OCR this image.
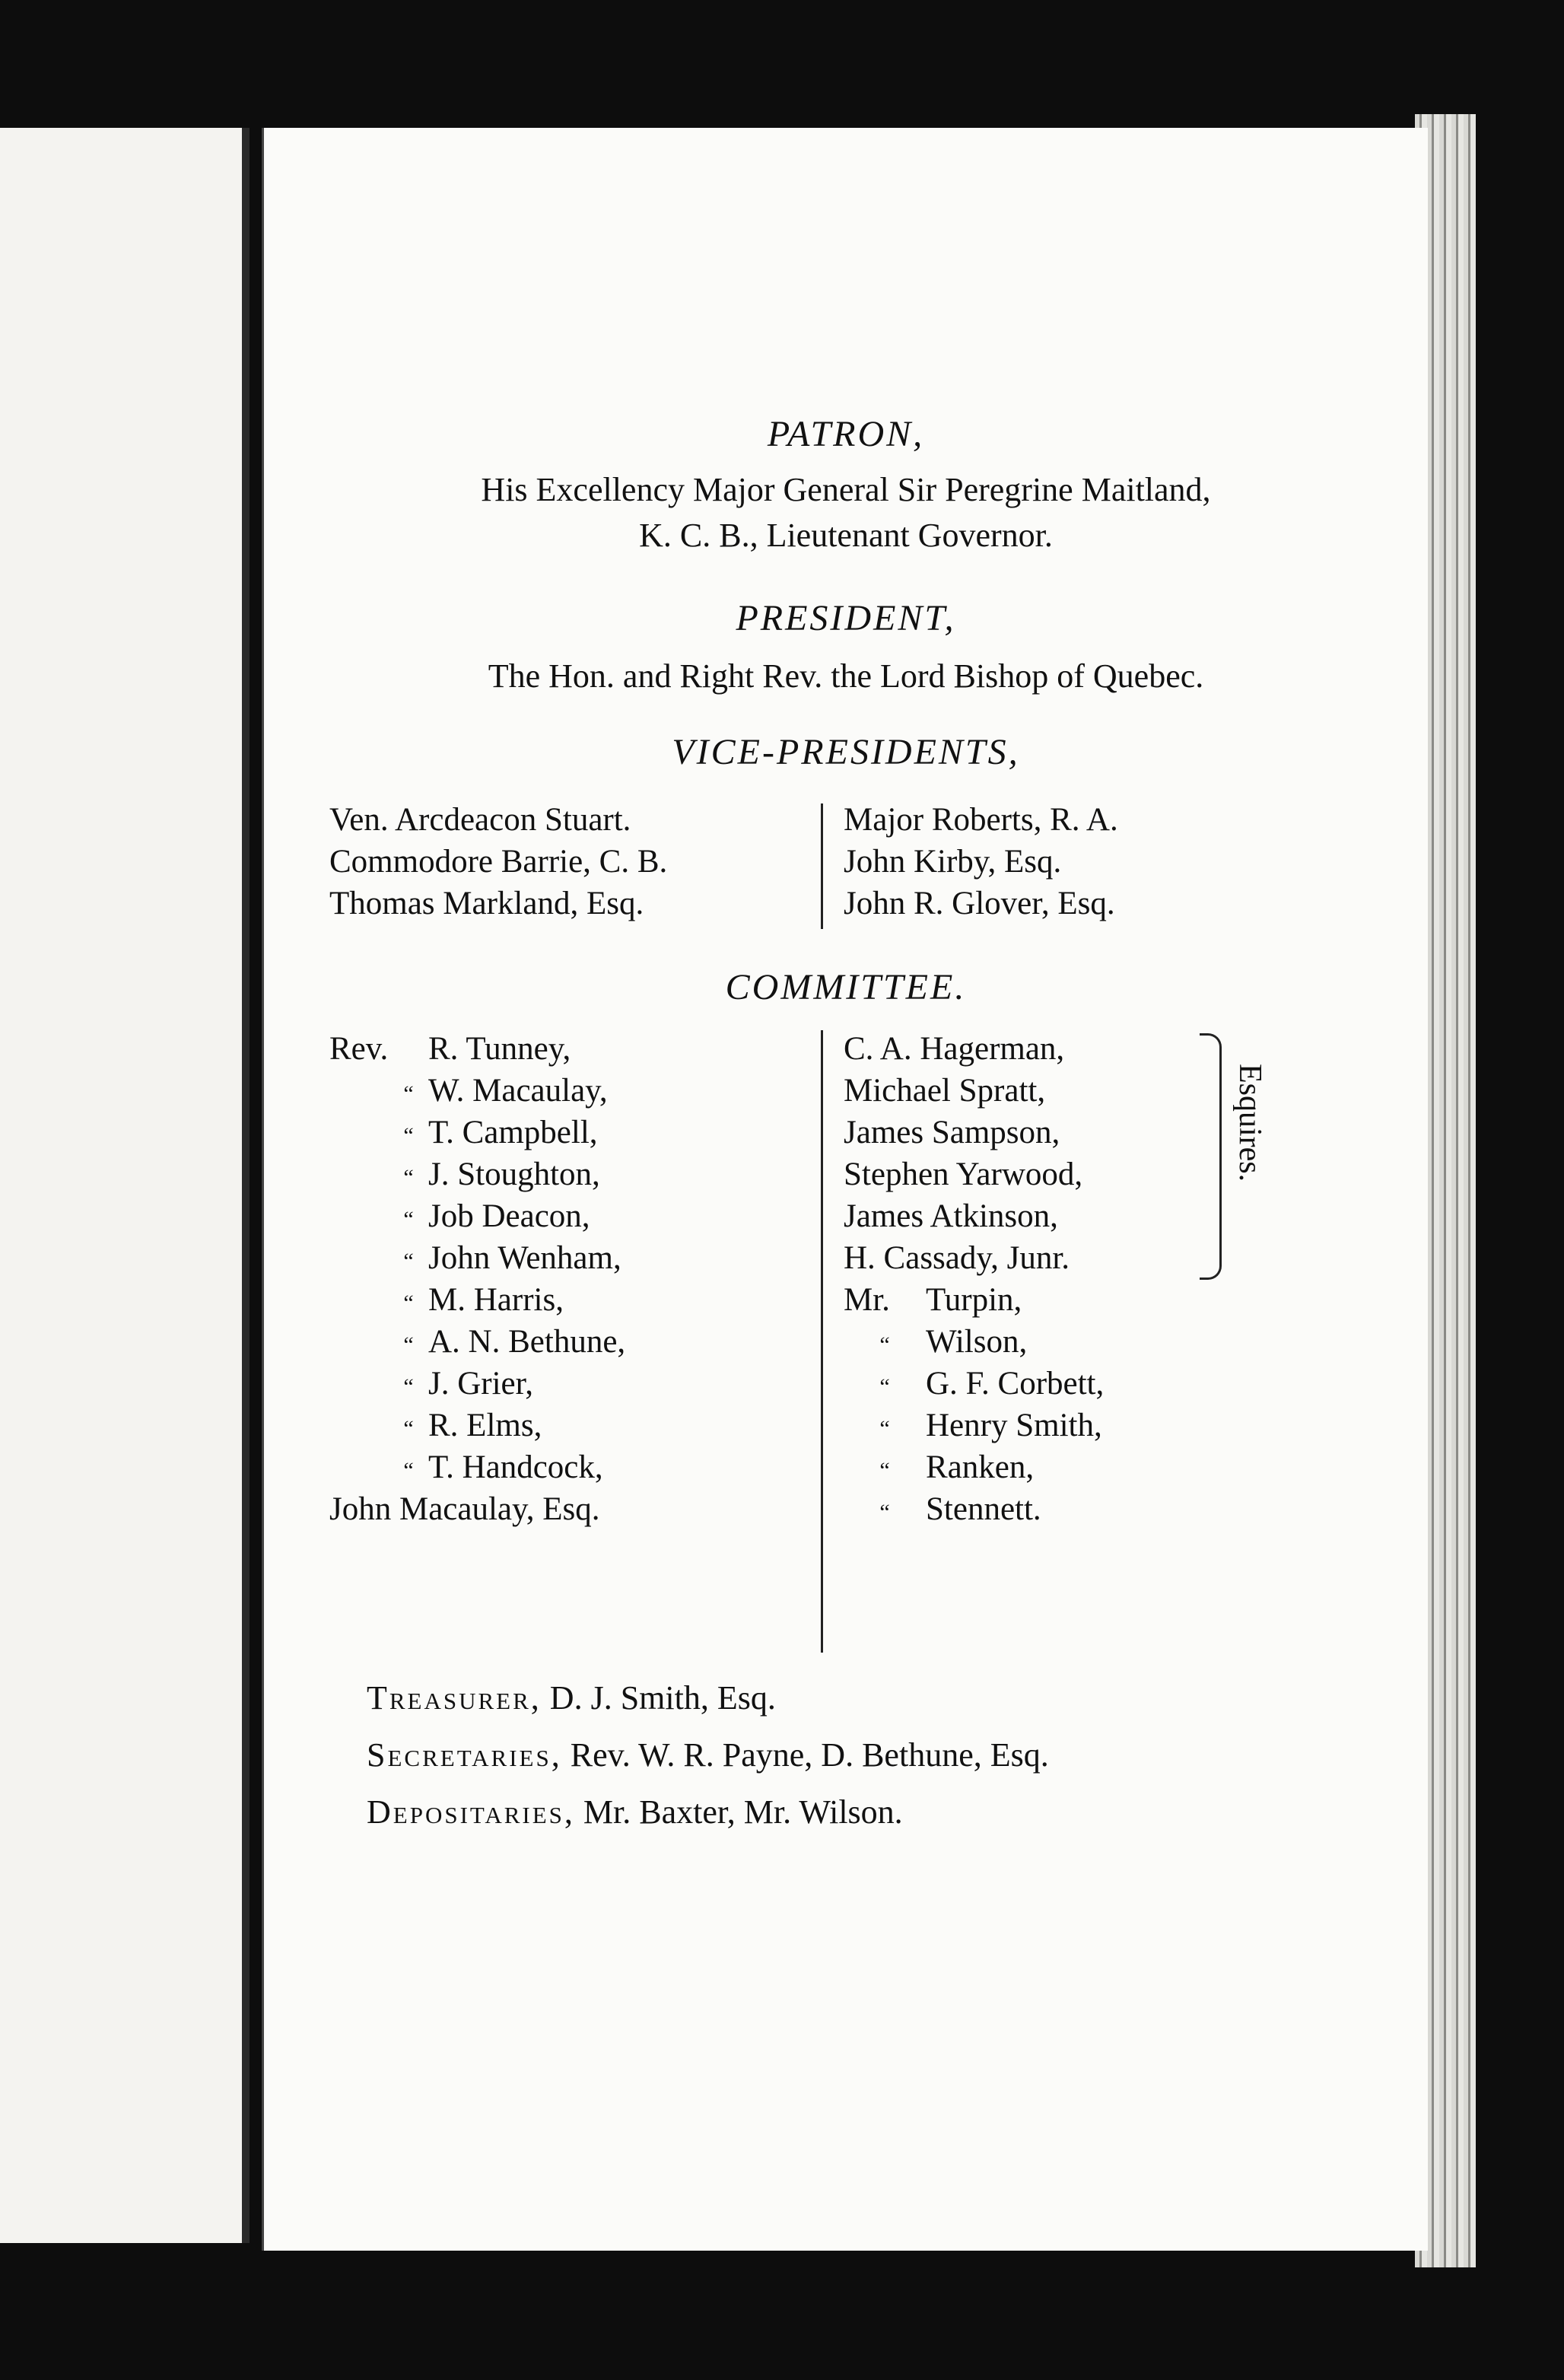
PATRON,
His Excellency Major General Sir Peregrine Maitland,
K. C. B., Lieutenant Governor.
PRESIDENT,
The Hon. and Right Rev. the Lord Bishop of Quebec.
VICE-PRESIDENTS,
Ven. Arcdeacon Stuart.
Commodore Barrie, C. B.
Thomas Markland, Esq.
Major Roberts, R. A.
John Kirby, Esq.
John R. Glover, Esq.
COMMITTEE.
Rev.	R. Tunney,
“ W. Macaulay,
“ T. Campbell,
“ J. Stoughton,
“ Job Deacon,
“ John Wenham,
“ M. Harris,
“ A. N. Bethune,
“ J. Grier,
“ R. Elms,
“ T. Handcock,
John Macaulay, Esq.
C. A. Hagerman,
Michael Spratt,
James Sampson,
Stephen Yarwood,
James Atkinson,
H. Cassady, Junr.
Mr.	Turpin,
“	Wilson,
“	G. F. Corbett,
“	Henry Smith,
“	Ranken,
“	Stennett.
Esquires.
Treasurer, D. J. Smith, Esq.
Secretaries, Rev. W. R. Payne, D. Bethune, Esq.
Depositaries, Mr. Baxter, Mr. Wilson.
